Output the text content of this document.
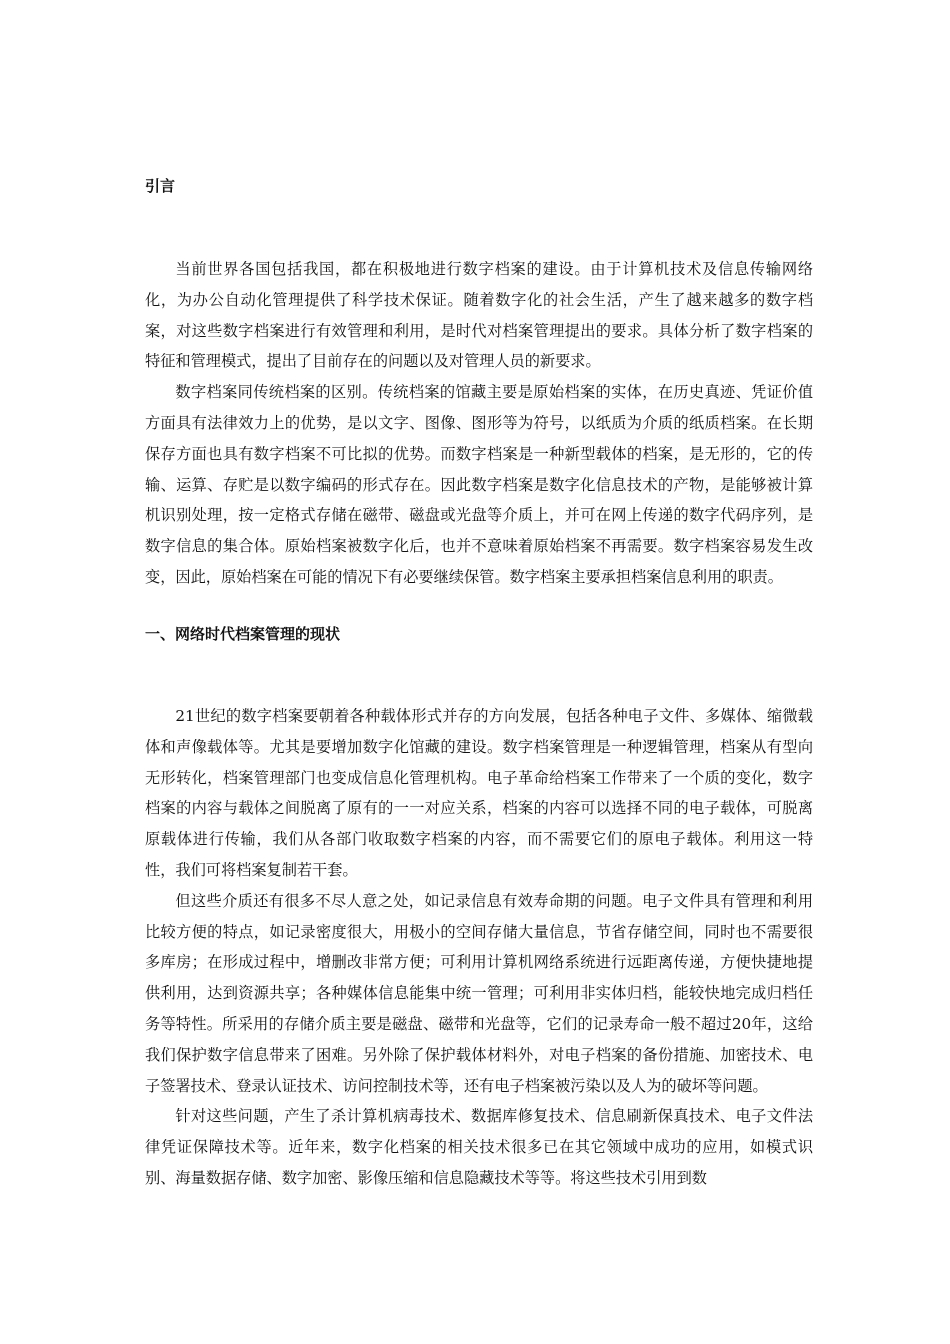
引言

当前世界各国包括我国，都在积极地进行数字档案的建设。由于计算机技术及信息传输网络化，为办公自动化管理提供了科学技术保证。随着数字化的社会生活，产生了越来越多的数字档案，对这些数字档案进行有效管理和利用，是时代对档案管理提出的要求。具体分析了数字档案的特征和管理模式，提出了目前存在的问题以及对管理人员的新要求。

数字档案同传统档案的区别。传统档案的馆藏主要是原始档案的实体，在历史真迹、凭证价值方面具有法律效力上的优势，是以文字、图像、图形等为符号，以纸质为介质的纸质档案。在长期保存方面也具有数字档案不可比拟的优势。而数字档案是一种新型载体的档案，是无形的，它的传输、运算、存贮是以数字编码的形式存在。因此数字档案是数字化信息技术的产物，是能够被计算机识别处理，按一定格式存储在磁带、磁盘或光盘等介质上，并可在网上传递的数字代码序列，是数字信息的集合体。原始档案被数字化后，也并不意味着原始档案不再需要。数字档案容易发生改变，因此，原始档案在可能的情况下有必要继续保管。数字档案主要承担档案信息利用的职责。

一、网络时代档案管理的现状

21世纪的数字档案要朝着各种载体形式并存的方向发展，包括各种电子文件、多媒体、缩微载体和声像载体等。尤其是要增加数字化馆藏的建设。数字档案管理是一种逻辑管理，档案从有型向无形转化，档案管理部门也变成信息化管理机构。电子革命给档案工作带来了一个质的变化，数字档案的内容与载体之间脱离了原有的一一对应关系，档案的内容可以选择不同的电子载体，可脱离原载体进行传输，我们从各部门收取数字档案的内容，而不需要它们的原电子载体。利用这一特性，我们可将档案复制若干套。

但这些介质还有很多不尽人意之处，如记录信息有效寿命期的问题。电子文件具有管理和利用比较方便的特点，如记录密度很大，用极小的空间存储大量信息，节省存储空间，同时也不需要很多库房；在形成过程中，增删改非常方便；可利用计算机网络系统进行远距离传递，方便快捷地提供利用，达到资源共享；各种媒体信息能集中统一管理；可利用非实体归档，能较快地完成归档任务等特性。所采用的存储介质主要是磁盘、磁带和光盘等，它们的记录寿命一般不超过20年，这给我们保护数字信息带来了困难。另外除了保护载体材料外，对电子档案的备份措施、加密技术、电子签署技术、登录认证技术、访问控制技术等，还有电子档案被污染以及人为的破坏等问题。

针对这些问题，产生了杀计算机病毒技术、数据库修复技术、信息刷新保真技术、电子文件法律凭证保障技术等。近年来，数字化档案的相关技术很多已在其它领域中成功的应用，如模式识别、海量数据存储、数字加密、影像压缩和信息隐藏技术等等。将这些技术引用到数
